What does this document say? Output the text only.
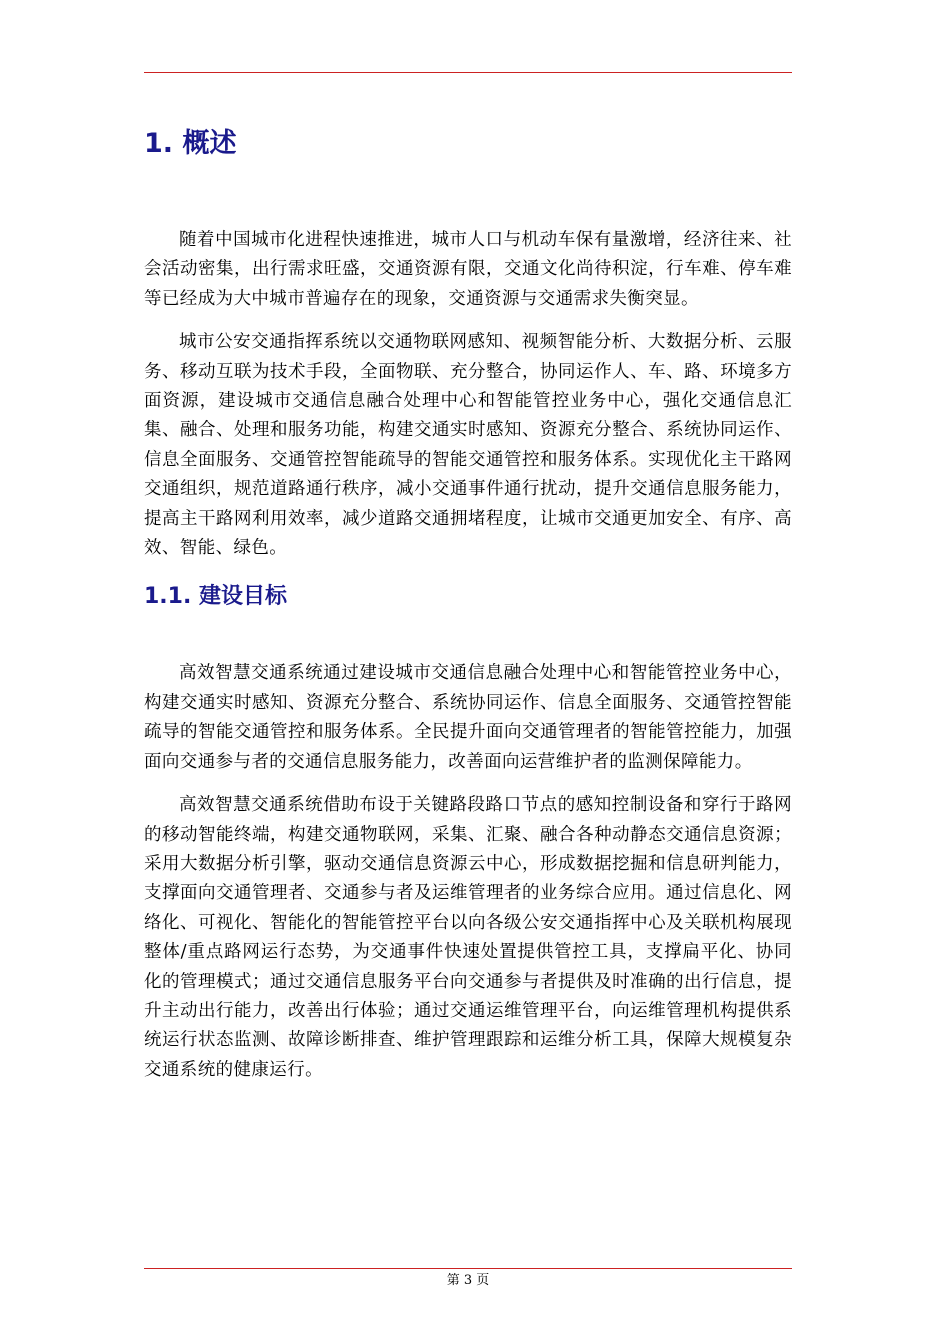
1. 概述

随着中国城市化进程快速推进，城市人口与机动车保有量激增，经济往来、社会活动密集，出行需求旺盛，交通资源有限，交通文化尚待积淀，行车难、停车难等已经成为大中城市普遍存在的现象，交通资源与交通需求失衡突显。

城市公安交通指挥系统以交通物联网感知、视频智能分析、大数据分析、云服务、移动互联为技术手段，全面物联、充分整合，协同运作人、车、路、环境多方面资源，建设城市交通信息融合处理中心和智能管控业务中心，强化交通信息汇集、融合、处理和服务功能，构建交通实时感知、资源充分整合、系统协同运作、信息全面服务、交通管控智能疏导的智能交通管控和服务体系。实现优化主干路网交通组织，规范道路通行秩序，减小交通事件通行扰动，提升交通信息服务能力，提高主干路网利用效率，减少道路交通拥堵程度，让城市交通更加安全、有序、高效、智能、绿色。

1.1. 建设目标

高效智慧交通系统通过建设城市交通信息融合处理中心和智能管控业务中心，构建交通实时感知、资源充分整合、系统协同运作、信息全面服务、交通管控智能疏导的智能交通管控和服务体系。全民提升面向交通管理者的智能管控能力，加强面向交通参与者的交通信息服务能力，改善面向运营维护者的监测保障能力。

高效智慧交通系统借助布设于关键路段路口节点的感知控制设备和穿行于路网的移动智能终端，构建交通物联网，采集、汇聚、融合各种动静态交通信息资源；采用大数据分析引擎，驱动交通信息资源云中心，形成数据挖掘和信息研判能力，支撑面向交通管理者、交通参与者及运维管理者的业务综合应用。通过信息化、网络化、可视化、智能化的智能管控平台以向各级公安交通指挥中心及关联机构展现整体/重点路网运行态势，为交通事件快速处置提供管控工具，支撑扁平化、协同化的管理模式；通过交通信息服务平台向交通参与者提供及时准确的出行信息，提升主动出行能力，改善出行体验；通过交通运维管理平台，向运维管理机构提供系统运行状态监测、故障诊断排查、维护管理跟踪和运维分析工具，保障大规模复杂交通系统的健康运行。

第 3 页
